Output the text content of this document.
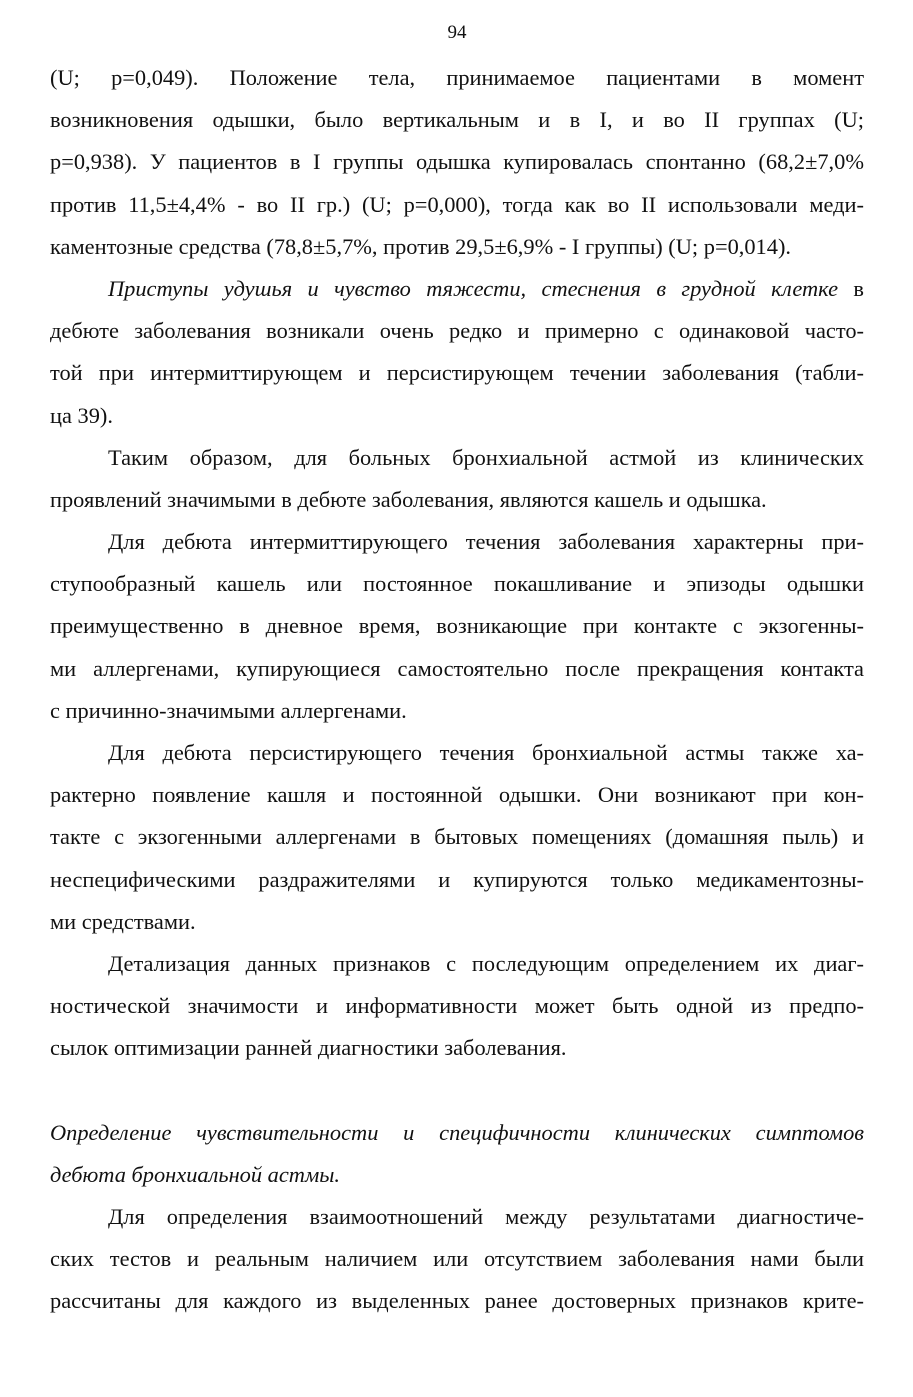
94
(U; p=0,049). Положение тела, принимаемое пациентами в момент
возникновения одышки, было вертикальным и в I, и во II группах (U;
p=0,938). У пациентов в I группы одышка купировалась спонтанно (68,2±7,0%
против 11,5±4,4% - во II гр.) (U; p=0,000), тогда как во II использовали меди-
каментозные средства (78,8±5,7%, против 29,5±6,9% - I группы) (U; p=0,014).
Приступы удушья и чувство тяжести, стеснения в грудной клетке в
дебюте заболевания возникали очень редко и примерно с одинаковой часто-
той при интермиттирующем и персистирующем течении заболевания (табли-
ца 39).
Таким образом, для больных бронхиальной астмой из клинических
проявлений значимыми в дебюте заболевания, являются кашель и одышка.
Для дебюта интермиттирующего течения заболевания характерны при-
ступообразный кашель или постоянное покашливание и эпизоды одышки
преимущественно в дневное время, возникающие при контакте с экзогенны-
ми аллергенами, купирующиеся самостоятельно после прекращения контакта
с причинно-значимыми аллергенами.
Для дебюта персистирующего течения бронхиальной астмы также ха-
рактерно появление кашля и постоянной одышки. Они возникают при кон-
такте с экзогенными аллергенами в бытовых помещениях (домашняя пыль) и
неспецифическими раздражителями и купируются только медикаментозны-
ми средствами.
Детализация данных признаков с последующим определением их диаг-
ностической значимости и информативности может быть одной из предпо-
сылок оптимизации ранней диагностики заболевания.
Определение чувствительности и специфичности клинических симптомов
дебюта бронхиальной астмы.
Для определения взаимоотношений между результатами диагностиче-
ских тестов и реальным наличием или отсутствием заболевания нами были
рассчитаны для каждого из выделенных ранее достоверных признаков крите-
